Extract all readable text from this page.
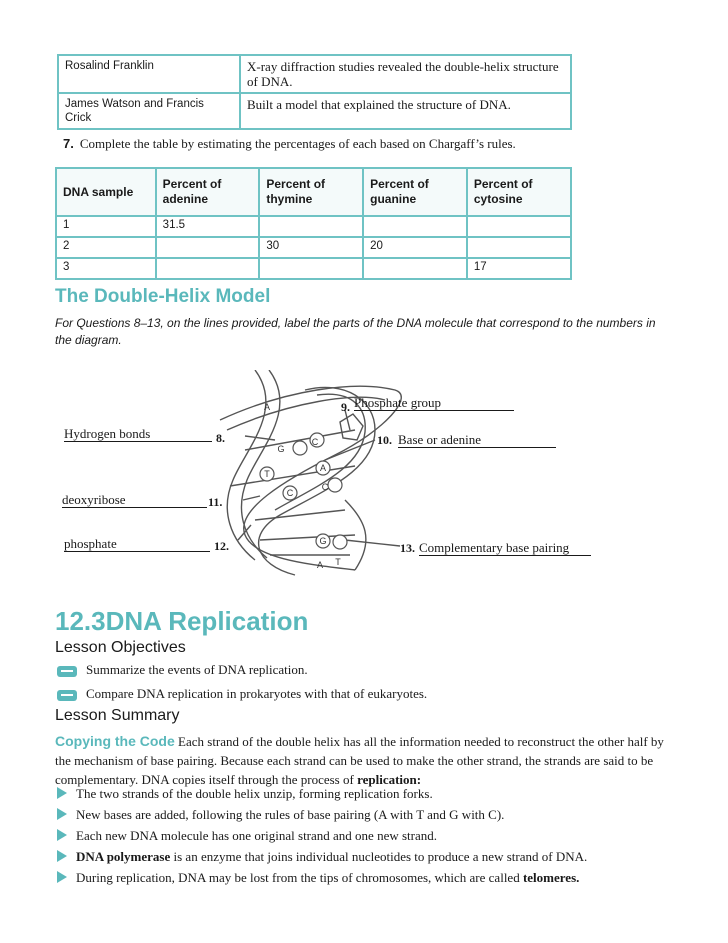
Rosalind Franklin	X-ray diffraction studies revealed the double-helix structure of DNA.
James Watson and Francis Crick	Built a model that explained the structure of DNA.
7. Complete the table by estimating the percentages of each based on Chargaff’s rules.
DNA sample	Percent of adenine	Percent of thymine	Percent of guanine	Percent of cytosine
1	31.5			
2		30	20	
3				17
The Double-Helix Model
For Questions 8–13, on the lines provided, label the parts of the DNA molecule that correspond to the numbers in the diagram.
A
G
C
T
A
C
C
G
A T
Hydrogen bonds	8.
9. Phosphate group
10. Base or adenine
deoxyribose	11.
phosphate	12.	13. Complementary base pairing
12.3DNA Replication
Lesson Objectives
Summarize the events of DNA replication.
Compare DNA replication in prokaryotes with that of eukaryotes.
Lesson Summary
Copying the Code Each strand of the double helix has all the information needed to reconstruct the other half by the mechanism of base pairing. Because each strand can be used to make the other strand, the strands are said to be complementary. DNA copies itself through the process of replication:
The two strands of the double helix unzip, forming replication forks.
New bases are added, following the rules of base pairing (A with T and G with C).
Each new DNA molecule has one original strand and one new strand.
DNA polymerase is an enzyme that joins individual nucleotides to produce a new strand of DNA.
During replication, DNA may be lost from the tips of chromosomes, which are called telomeres.
